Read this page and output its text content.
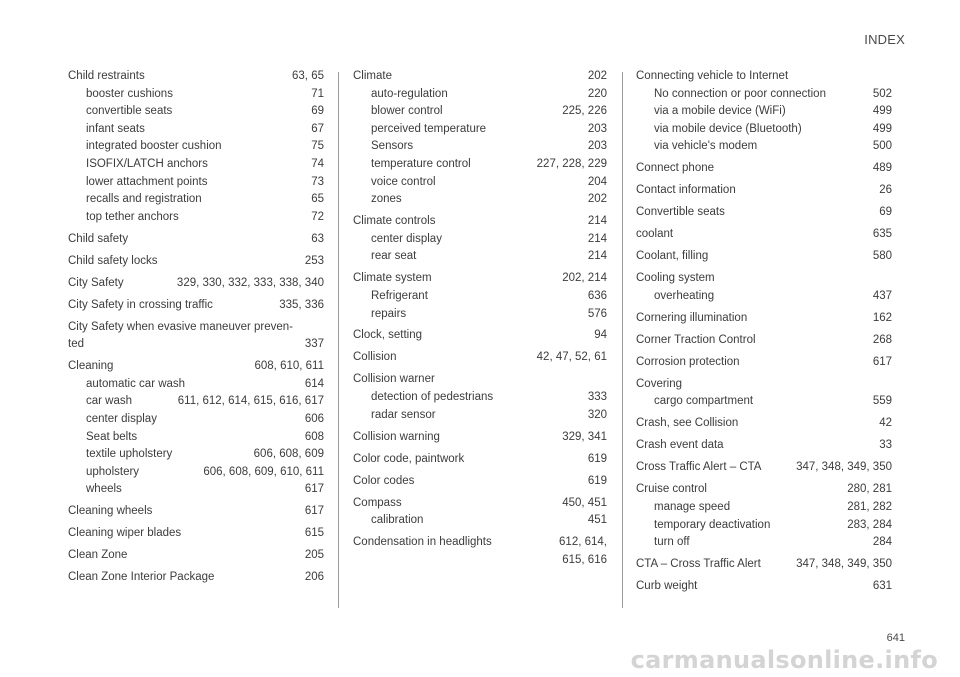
INDEX
Child restraints	63, 65
booster cushions	71
convertible seats	69
infant seats	67
integrated booster cushion	75
ISOFIX/LATCH anchors	74
lower attachment points	73
recalls and registration	65
top tether anchors	72
Child safety	63
Child safety locks	253
City Safety	329, 330, 332, 333, 338, 340
City Safety in crossing traffic	335, 336
City Safety when evasive maneuver preven-
ted	337
Cleaning	608, 610, 611
automatic car wash	614
car wash	611, 612, 614, 615, 616, 617
center display	606
Seat belts	608
textile upholstery	606, 608, 609
upholstery	606, 608, 609, 610, 611
wheels	617
Cleaning wheels	617
Cleaning wiper blades	615
Clean Zone	205
Clean Zone Interior Package	206
Climate	202
auto-regulation	220
blower control	225, 226
perceived temperature	203
Sensors	203
temperature control	227, 228, 229
voice control	204
zones	202
Climate controls	214
center display	214
rear seat	214
Climate system	202, 214
Refrigerant	636
repairs	576
Clock, setting	94
Collision	42, 47, 52, 61
Collision warner
detection of pedestrians	333
radar sensor	320
Collision warning	329, 341
Color code, paintwork	619
Color codes	619
Compass	450, 451
calibration	451
Condensation in headlights	612, 614,
615, 616
Connecting vehicle to Internet
No connection or poor connection	502
via a mobile device (WiFi)	499
via mobile device (Bluetooth)	499
via vehicle's modem	500
Connect phone	489
Contact information	26
Convertible seats	69
coolant	635
Coolant, filling	580
Cooling system
overheating	437
Cornering illumination	162
Corner Traction Control	268
Corrosion protection	617
Covering
cargo compartment	559
Crash, see Collision	42
Crash event data	33
Cross Traffic Alert – CTA	347, 348, 349, 350
Cruise control	280, 281
manage speed	281, 282
temporary deactivation	283, 284
turn off	284
CTA – Cross Traffic Alert	347, 348, 349, 350
Curb weight	631
641
carmanualsonline.info
